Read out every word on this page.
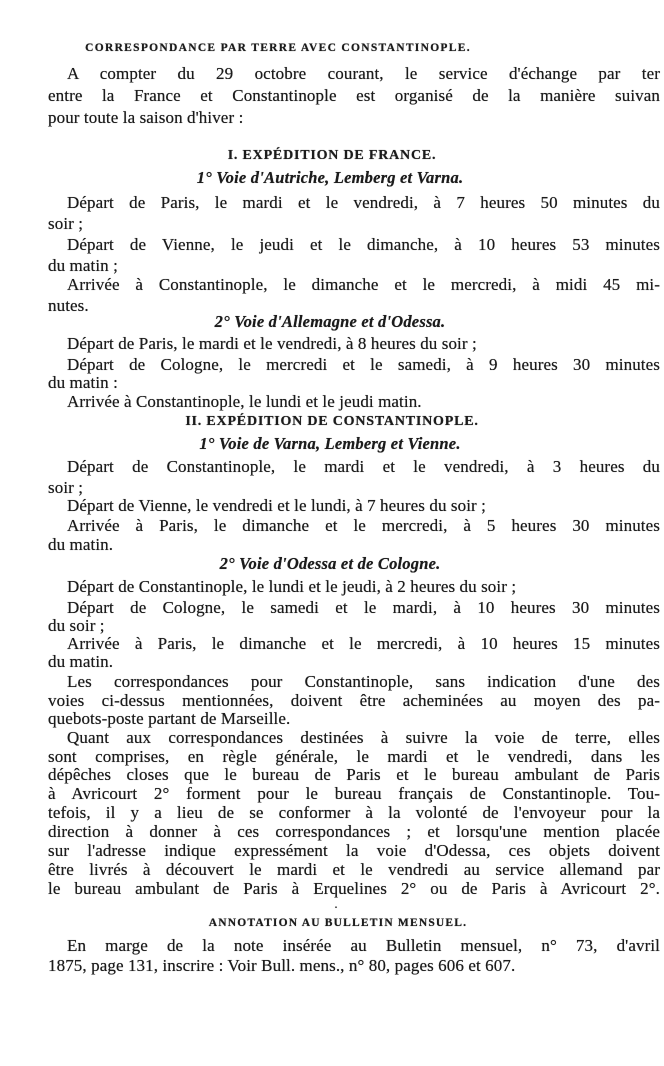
CORRESPONDANCE PAR TERRE AVEC CONSTANTINOPLE.
A compter du 29 octobre courant, le service d'échange par ter
entre la France et Constantinople est organisé de la manière suivan
pour toute la saison d'hiver :
I. EXPÉDITION DE FRANCE.
1° Voie d'Autriche, Lemberg et Varna.
Départ de Paris, le mardi et le vendredi, à 7 heures 50 minutes du
soir ;
Départ de Vienne, le jeudi et le dimanche, à 10 heures 53 minutes
du matin ;
Arrivée à Constantinople, le dimanche et le mercredi, à midi 45 mi-
nutes.
2° Voie d'Allemagne et d'Odessa.
Départ de Paris, le mardi et le vendredi, à 8 heures du soir ;
Départ de Cologne, le mercredi et le samedi, à 9 heures 30 minutes
du matin :
Arrivée à Constantinople, le lundi et le jeudi matin.
II. EXPÉDITION DE CONSTANTINOPLE.
1° Voie de Varna, Lemberg et Vienne.
Départ de Constantinople, le mardi et le vendredi, à 3 heures du
soir ;
Départ de Vienne, le vendredi et le lundi, à 7 heures du soir ;
Arrivée à Paris, le dimanche et le mercredi, à 5 heures 30 minutes
du matin.
2° Voie d'Odessa et de Cologne.
Départ de Constantinople, le lundi et le jeudi, à 2 heures du soir ;
Départ de Cologne, le samedi et le mardi, à 10 heures 30 minutes
du soir ;
Arrivée à Paris, le dimanche et le mercredi, à 10 heures 15 minutes
du matin.
Les correspondances pour Constantinople, sans indication d'une des
voies ci-dessus mentionnées, doivent être acheminées au moyen des pa-
quebots-poste partant de Marseille.
Quant aux correspondances destinées à suivre la voie de terre, elles
sont comprises, en règle générale, le mardi et le vendredi, dans les
dépêches closes que le bureau de Paris et le bureau ambulant de Paris
à Avricourt 2° forment pour le bureau français de Constantinople. Tou-
tefois, il y a lieu de se conformer à la volonté de l'envoyeur pour la
direction à donner à ces correspondances ; et lorsqu'une mention placée
sur l'adresse indique expressément la voie d'Odessa, ces objets doivent
être livrés à découvert le mardi et le vendredi au service allemand par
le bureau ambulant de Paris à Erquelines 2° ou de Paris à Avricourt 2°.
.
ANNOTATION AU BULLETIN MENSUEL.
En marge de la note insérée au Bulletin mensuel, n° 73, d'avril
1875, page 131, inscrire : Voir Bull. mens., n° 80, pages 606 et 607.
